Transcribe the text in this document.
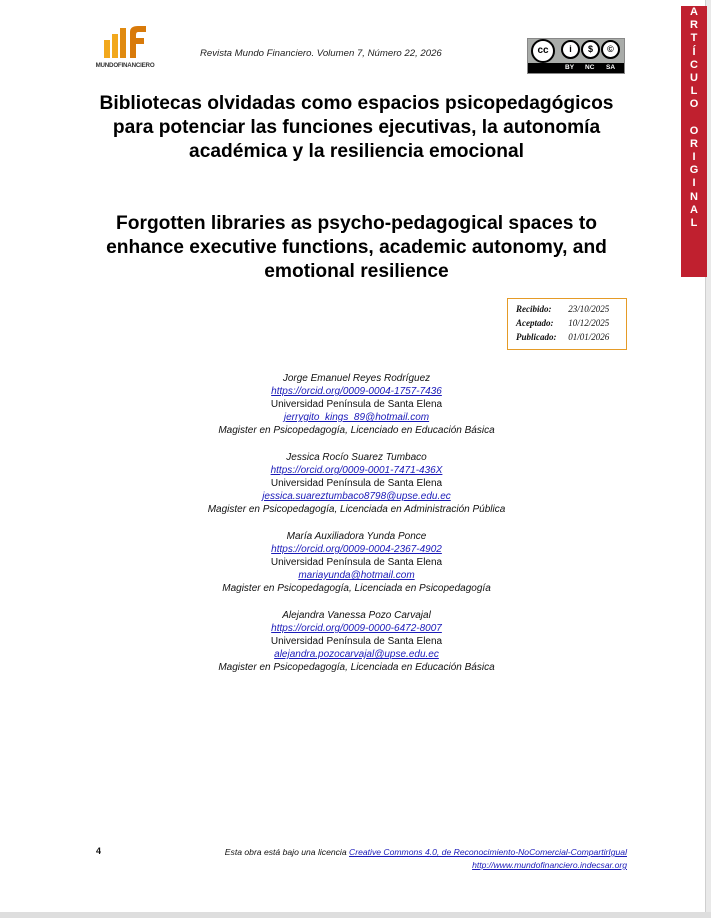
MUNDOFINANCIERO
Revista Mundo Financiero. Volumen 7, Número 22, 2026	cc	i	$	©
BY NC SA
Bibliotecas olvidadas como espacios psicopedagógicos para potenciar las funciones ejecutivas, la autonomía académica y la resiliencia emocional
Forgotten libraries as psycho-pedagogical spaces to enhance executive functions, academic autonomy, and emotional resilience
Recibido: 23/10/2025
Aceptado: 10/12/2025
Publicado: 01/01/2026
Jorge Emanuel Reyes Rodríguez
https://orcid.org/0009-0004-1757-7436
Universidad Península de Santa Elena
jerrygito_kings_89@hotmail.com
Magister en Psicopedagogía, Licenciado en Educación Básica
Jessica Rocío Suarez Tumbaco
https://orcid.org/0009-0001-7471-436X
Universidad Península de Santa Elena
jessica.suareztumbaco8798@upse.edu.ec
Magister en Psicopedagogía, Licenciada en Administración Pública
María Auxiliadora Yunda Ponce
https://orcid.org/0009-0004-2367-4902
Universidad Península de Santa Elena
mariayunda@hotmail.com
Magister en Psicopedagogía, Licenciada en Psicopedagogía
Alejandra Vanessa Pozo Carvajal
https://orcid.org/0009-0000-6472-8007
Universidad Península de Santa Elena
alejandra.pozocarvajal@upse.edu.ec
Magister en Psicopedagogía, Licenciada en Educación Básica
4	Esta obra está bajo una licencia Creative Commons 4.0, de Reconocimiento-NoComercial-CompartirIgual
http://www.mundofinanciero.indecsar.org
A
R
T
Í
C
U
L
O
O
R
I
G
I
N
A
L
